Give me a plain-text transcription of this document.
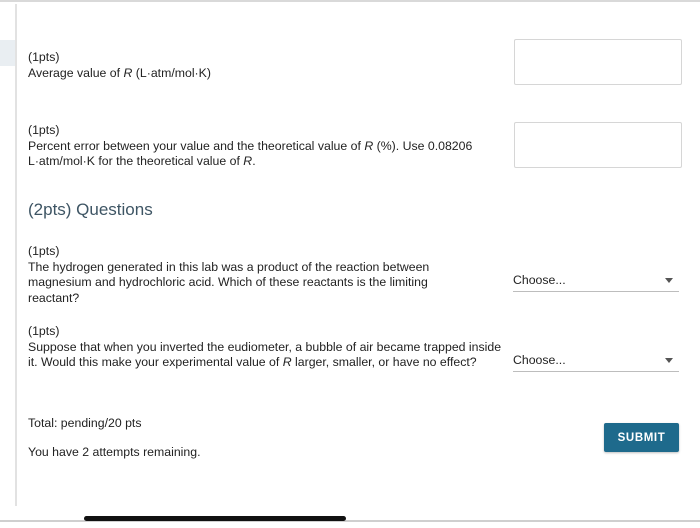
(1pts)
Average value of R (L·atm/mol·K)
(1pts)
Percent error between your value and the theoretical value of R (%). Use 0.08206 L·atm/mol·K for the theoretical value of R.
(2pts) Questions
(1pts)
The hydrogen generated in this lab was a product of the reaction between magnesium and hydrochloric acid. Which of these reactants is the limiting reactant?
Choose...
(1pts)
Suppose that when you inverted the eudiometer, a bubble of air became trapped inside it. Would this make your experimental value of R larger, smaller, or have no effect?	Choose...
Total: pending/20 pts
You have 2 attempts remaining.
SUBMIT
